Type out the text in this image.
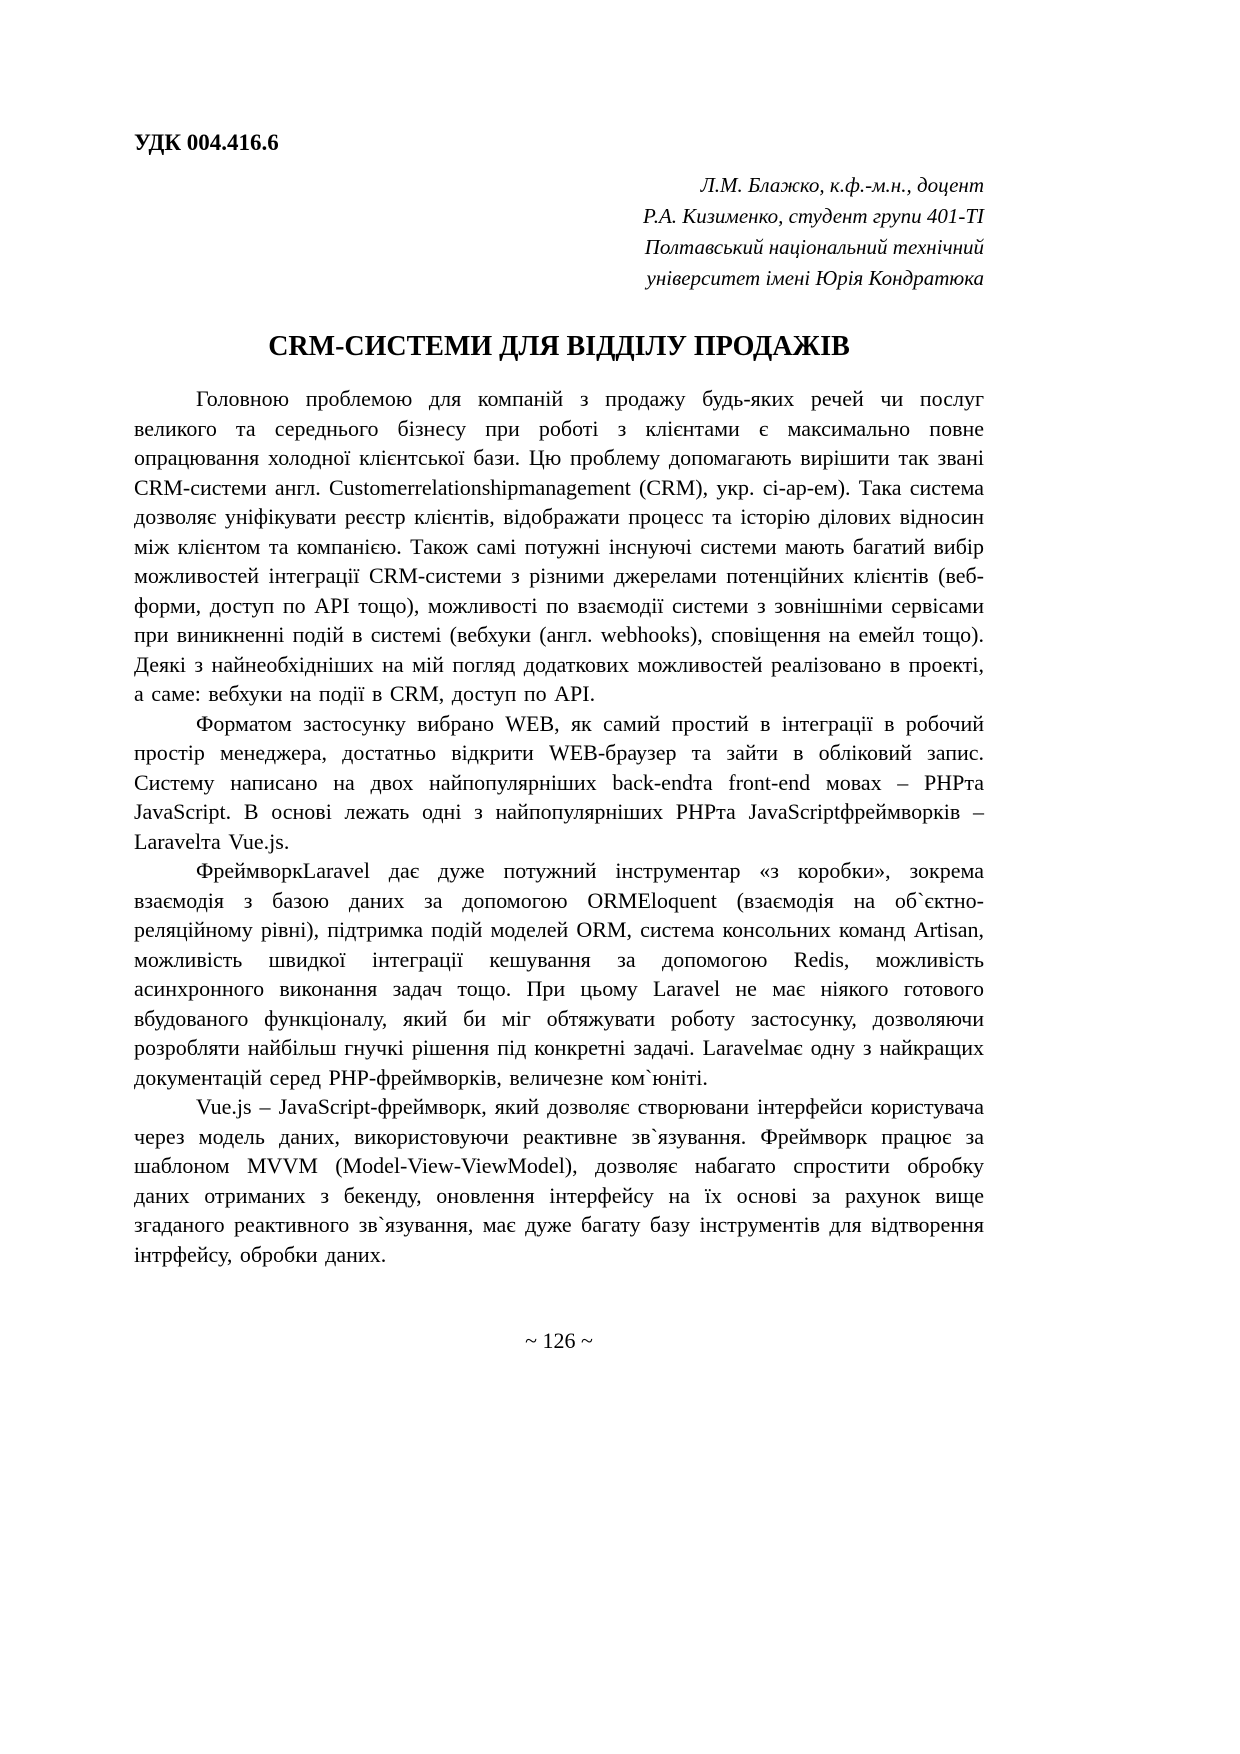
УДК 004.416.6

Л.М. Блажко, к.ф.-м.н., доцент
Р.А. Кизименко, студент групи 401-ТІ
Полтавський національний технічний
університет імені Юрія Кондратюка
CRM-СИСТЕМИ ДЛЯ ВІДДІЛУ ПРОДАЖІВ

Головною проблемою для компаній з продажу будь-яких речей чи послуг великого та середнього бізнесу при роботі з клієнтами є максимально повне опрацювання холодної клієнтської бази. Цю проблему допомагають вирішити так звані CRM-системи англ. Customerrelationshipmanagement (CRM), укр. сі-ар-ем). Така система дозволяє уніфікувати реєстр клієнтів, відображати процесс та історію ділових відносин між клієнтом та компанією. Також самі потужні інснуючі системи мають багатий вибір можливостей інтеграції CRM-системи з різними джерелами потенційних клієнтів (веб-форми, доступ по API тощо), можливості по взаємодії системи з зовнішніми сервісами при виникненні подій в системі (вебхуки (англ. webhooks), сповіщення на емейл тощо). Деякі з найнеобхідніших на мій погляд додаткових можливостей реалізовано в проекті, а саме: вебхуки на події в CRM, доступ по API.

Форматом застосунку вибрано WEB, як самий простий в інтеграції в робочий простір менеджера, достатньо відкрити WEB-браузер та зайти в обліковий запис. Систему написано на двох найпопулярніших back-endта front-end мовах – PHPта JavaScript. В основі лежать одні з найпопулярніших PHPта JavaScriptфреймворків – Laravelта Vue.js.

ФреймворкLaravel дає дуже потужний інструментар «з коробки», зокрема взаємодія з базою даних за допомогою ORMEloquent (взаємодія на об`єктно-реляційному рівні), підтримка подій моделей ORM, система консольних команд Artisan, можливість швидкої інтеграції кешування за допомогою Redis, можливість асинхронного виконання задач тощо. При цьому Laravel не має ніякого готового вбудованого функціоналу, який би міг обтяжувати роботу застосунку, дозволяючи розробляти найбільш гнучкі рішення під конкретні задачі. Laravelмає одну з найкращих документацій серед PHP-фреймворків, величезне ком`юніті.

Vue.js – JavaScript-фреймворк, який дозволяє створювани інтерфейси користувача через модель даних, використовуючи реактивне зв`язування. Фреймворк працює за шаблоном MVVM (Model-View-ViewModel), дозволяє набагато спростити обробку даних отриманих з бекенду, оновлення інтерфейсу на їх основі за рахунок вище згаданого реактивного зв`язування, має дуже багату базу інструментів для відтворення інтрфейсу, обробки даних.

~ 126 ~
